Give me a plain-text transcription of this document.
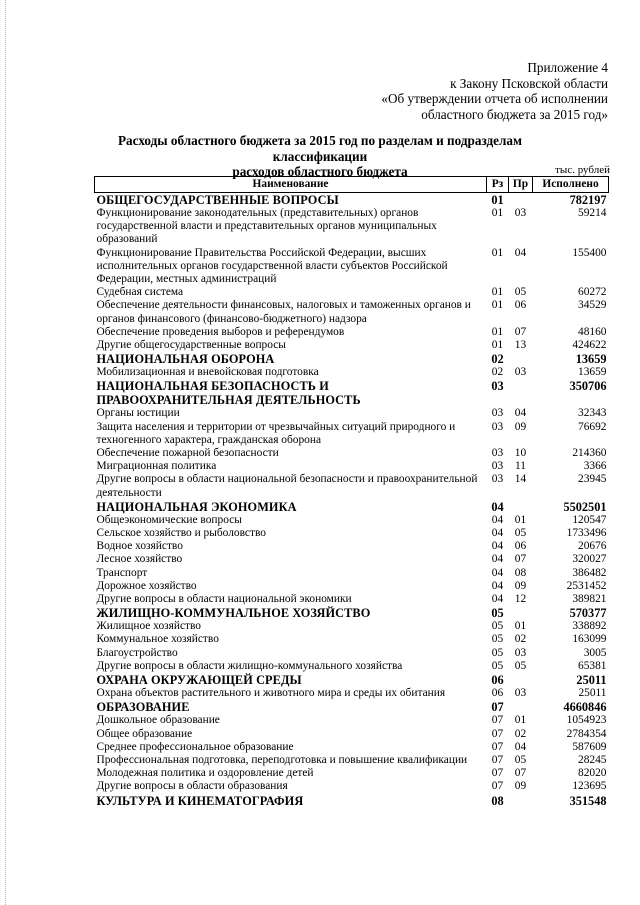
Приложение 4
к Закону Псковской области
«Об утверждении отчета об исполнении
областного бюджета за 2015 год»
Расходы областного бюджета за 2015 год по разделам и подразделам классификации
расходов областного бюджета	тыс. рублей
Наименование	Рз	Пр	Исполнено
ОБЩЕГОСУДАРСТВЕННЫЕ ВОПРОСЫ	01		782197
Функционирование законодательных (представительных) органов государственной власти и представительных органов муниципальных образований	01	03	59214
Функционирование Правительства Российской Федерации, высших исполнительных органов государственной власти субъектов Российской Федерации, местных администраций	01	04	155400
Судебная система	01	05	60272
Обеспечение деятельности финансовых, налоговых и таможенных органов и органов финансового (финансово-бюджетного) надзора	01	06	34529
Обеспечение проведения выборов и референдумов	01	07	48160
Другие общегосударственные вопросы	01	13	424622
НАЦИОНАЛЬНАЯ ОБОРОНА	02		13659
Мобилизационная и вневойсковая подготовка	02	03	13659
НАЦИОНАЛЬНАЯ БЕЗОПАСНОСТЬ И ПРАВООХРАНИТЕЛЬНАЯ ДЕЯТЕЛЬНОСТЬ	03		350706
Органы юстиции	03	04	32343
Защита населения и территории от чрезвычайных ситуаций природного и техногенного характера, гражданская оборона	03	09	76692
Обеспечение пожарной безопасности	03	10	214360
Миграционная политика	03	11	3366
Другие вопросы в области национальной безопасности и правоохранительной деятельности	03	14	23945
НАЦИОНАЛЬНАЯ ЭКОНОМИКА	04		5502501
Общеэкономические вопросы	04	01	120547
Сельское хозяйство и рыболовство	04	05	1733496
Водное хозяйство	04	06	20676
Лесное хозяйство	04	07	320027
Транспорт	04	08	386482
Дорожное хозяйство	04	09	2531452
Другие вопросы в области национальной экономики	04	12	389821
ЖИЛИЩНО-КОММУНАЛЬНОЕ ХОЗЯЙСТВО	05		570377
Жилищное хозяйство	05	01	338892
Коммунальное хозяйство	05	02	163099
Благоустройство	05	03	3005
Другие вопросы в области жилищно-коммунального хозяйства	05	05	65381
ОХРАНА ОКРУЖАЮЩЕЙ СРЕДЫ	06		25011
Охрана объектов растительного и животного мира и среды их обитания	06	03	25011
ОБРАЗОВАНИЕ	07		4660846
Дошкольное образование	07	01	1054923
Общее образование	07	02	2784354
Среднее профессиональное образование	07	04	587609
Профессиональная подготовка, переподготовка и повышение квалификации	07	05	28245
Молодежная политика и оздоровление детей	07	07	82020
Другие вопросы в области образования	07	09	123695
КУЛЬТУРА И КИНЕМАТОГРАФИЯ	08		351548
